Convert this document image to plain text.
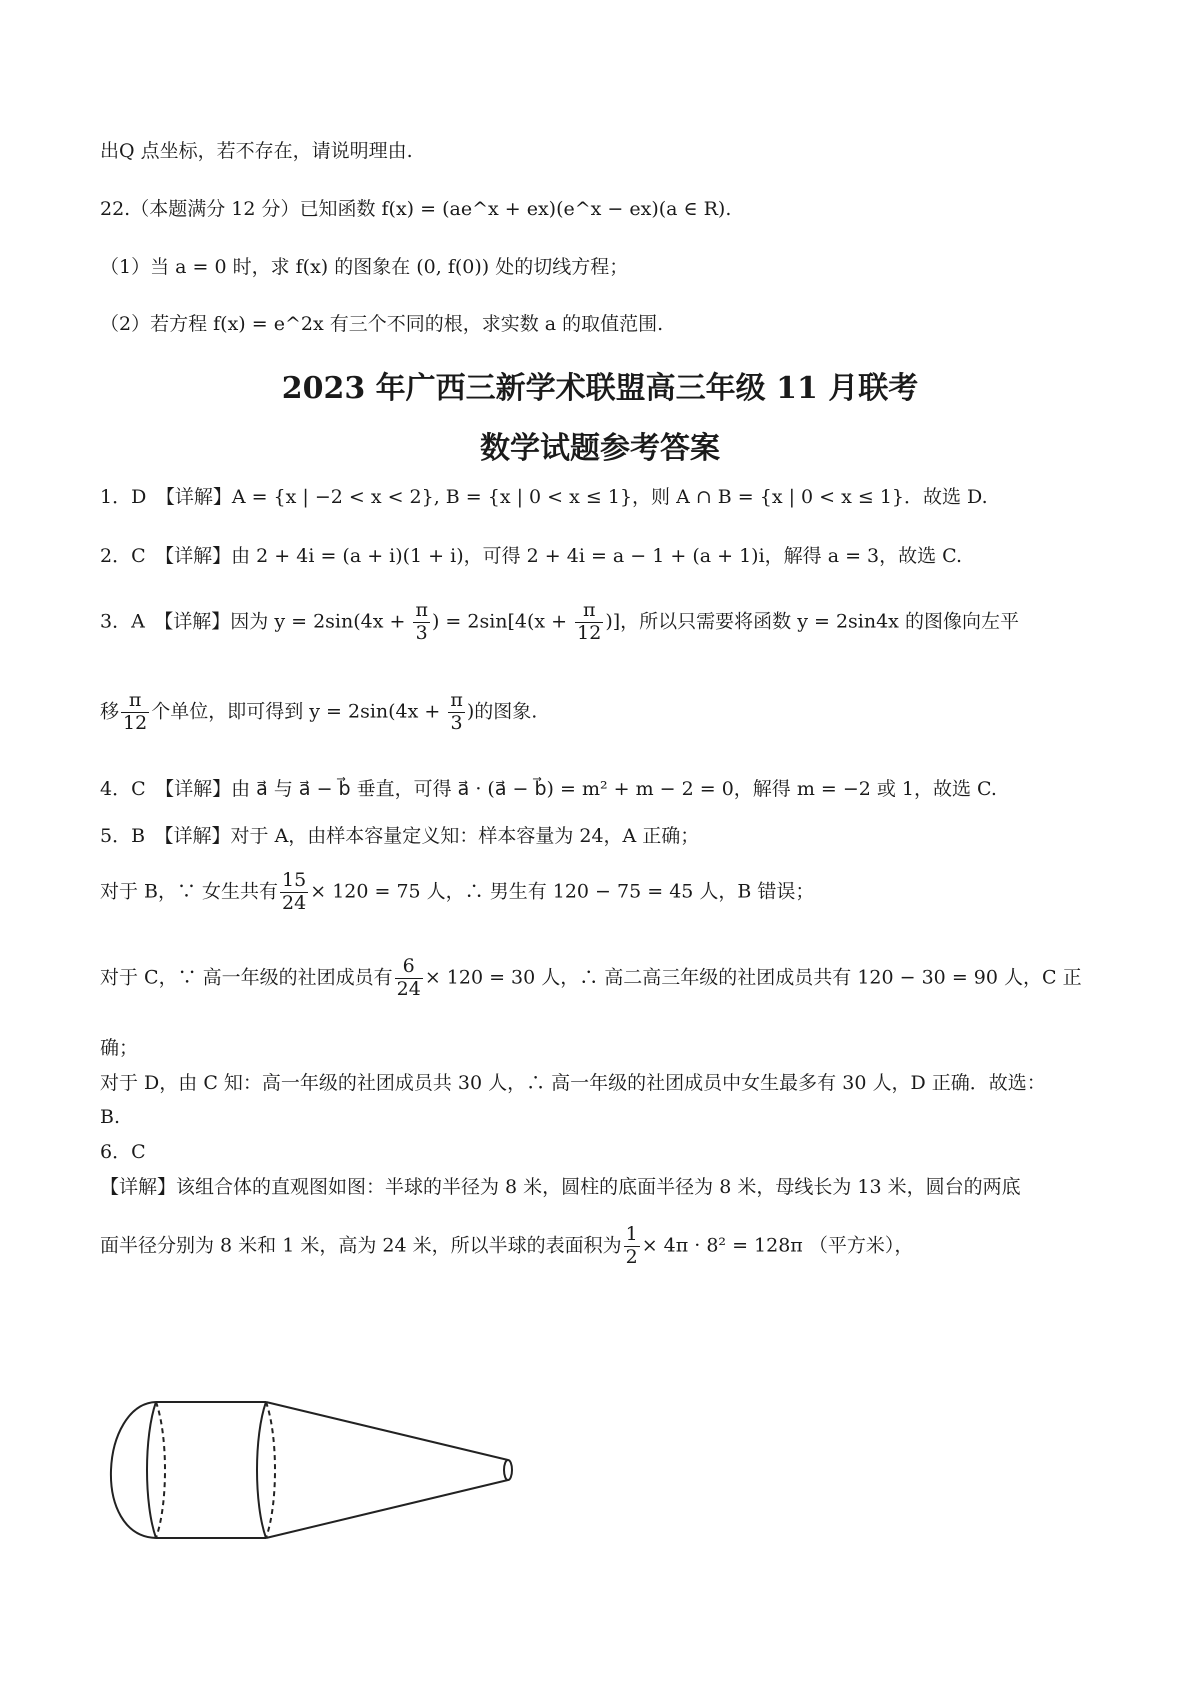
出Q 点坐标，若不存在，请说明理由.
22.（本题满分 12 分）已知函数 f(x) = (ae^x + ex)(e^x − ex)(a ∈ R).
（1）当 a = 0 时，求 f(x) 的图象在 (0, f(0)) 处的切线方程；
（2）若方程 f(x) = e^2x 有三个不同的根，求实数 a 的取值范围.
2023 年广西三新学术联盟高三年级 11 月联考
数学试题参考答案
1．D　【详解】A = {x | −2 < x < 2}, B = {x | 0 < x ≤ 1}，则 A ∩ B = {x | 0 < x ≤ 1}．故选 D.
2．C　【详解】由 2 + 4i = (a + i)(1 + i)，可得 2 + 4i = a − 1 + (a + 1)i，解得 a = 3，故选 C.
3．A　【详解】因为 $y = 2\sin(4x + \frac{\pi}{3}$ ) = $2\sin[4(x + \frac{\pi}{12}$ )]，所以只需要将函数 y = 2sin4x 的图像向左平
移 $\frac{\pi}{12}$ 个单位，即可得到 $y = 2\sin(4x + \frac{\pi}{3}$ )的图象.
4．C　【详解】由 a⃗ 与 a⃗ − b⃗ 垂直，可得 a⃗ · (a⃗ − b⃗) = m² + m − 2 = 0，解得 m = −2 或 1，故选 C.
5．B　【详解】对于 A，由样本容量定义知：样本容量为 24，A 正确；
对于 B，∵ 女生共有 $\frac{15}{24} \times 120 = 75$ 人，∴ 男生有 120 − 75 = 45 人，B 错误；
对于 C，∵ 高一年级的社团成员有 $\frac{6}{24} \times 120 = 30$ 人，∴ 高二高三年级的社团成员共有 120 − 30 = 90 人，C 正
确；
对于 D，由 C 知：高一年级的社团成员共 30 人，∴ 高一年级的社团成员中女生最多有 30 人，D 正确．故选：
B.
6．C
【详解】该组合体的直观图如图：半球的半径为 8 米，圆柱的底面半径为 8 米，母线长为 13 米，圆台的两底
面半径分别为 8 米和 1 米，高为 24 米，所以半球的表面积为 $\frac{1}{2} \times 4\pi \cdot 8^2 = 128\pi$ （平方米），
